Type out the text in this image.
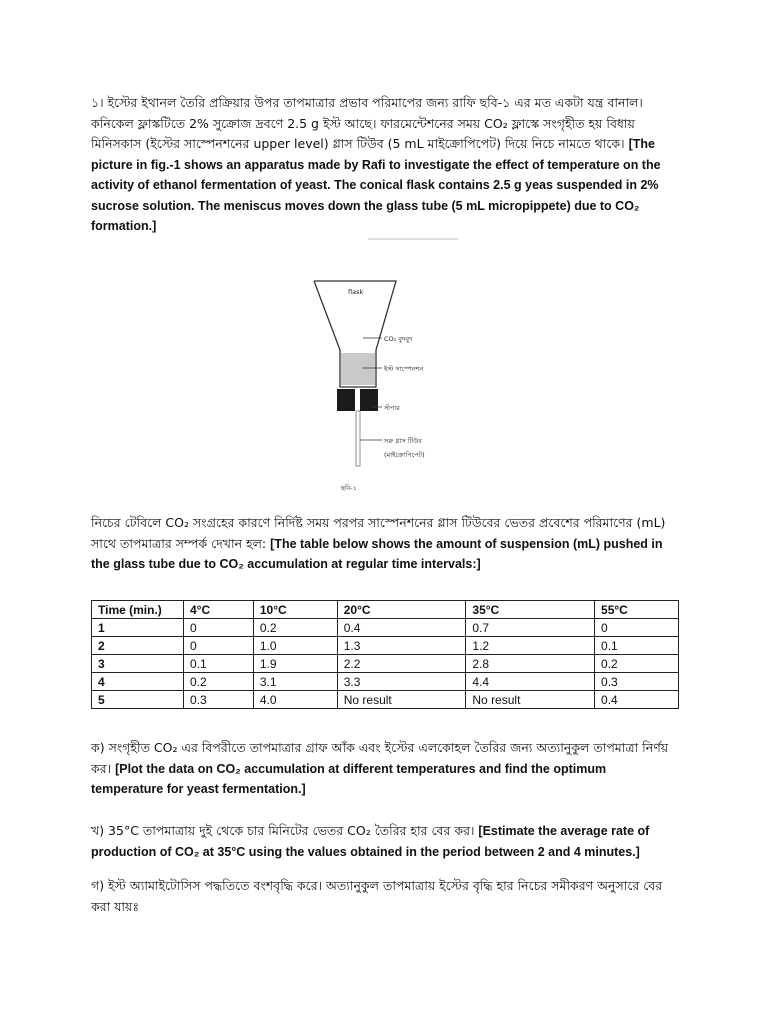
১। ইস্টের ইথানল তৈরি প্রক্রিয়ার উপর তাপমাত্রার প্রভাব পরিমাপের জন্য রাফি ছবি-১ এর মত একটা যন্ত্র বানাল। কনিকেল ফ্লাস্কটিতে 2% সুক্রোজ দ্রবণে 2.5 g ইস্ট আছে। ফারমেন্টেশনের সময় CO₂ ফ্লাস্কে সংগৃহীত হয় বিধায় মিনিসকাস (ইস্টের সাস্পেনশনের upper level) গ্লাস টিউব (5 mL মাইক্রোপিপেট) দিয়ে নিচে নামতে থাকে। [The picture in fig.-1 shows an apparatus made by Rafi to investigate the effect of temperature on the activity of ethanol fermentation of yeast. The conical flask contains 2.5 g yeas suspended in 2% sucrose solution. The meniscus moves down the glass tube (5 mL micropippete) due to CO₂ formation.]

flask
CO₂ বুদবুদ
ইস্ট সাস্পেনশন
স্টপার
সরু গ্লাস টিউব
(মাইক্রোপিপেট)
ছবি-১

নিচের টেবিলে CO₂ সংগ্রহের কারণে নির্দিষ্ট সময় পরপর সাস্পেনশনের গ্লাস টিউবের ভেতর প্রবেশের পরিমাণের (mL) সাথে তাপমাত্রার সম্পর্ক দেখান হল: [The table below shows the amount of suspension (mL) pushed in the glass tube due to CO₂ accumulation at regular time intervals:]

Time (min.)	4°C	10°C	20°C	35°C	55°C
1	0	0.2	0.4	0.7	0
2	0	1.0	1.3	1.2	0.1
3	0.1	1.9	2.2	2.8	0.2
4	0.2	3.1	3.3	4.4	0.3
5	0.3	4.0	No result	No result	0.4

ক) সংগৃহীত CO₂ এর বিপরীতে তাপমাত্রার গ্রাফ আঁক এবং ইস্টের এলকোহল তৈরির জন্য অত্যানুকুল তাপমাত্রা নির্ণয় কর। [Plot the data on CO₂ accumulation at different temperatures and find the optimum temperature for yeast fermentation.]

খ) 35°C তাপমাত্রায় দুই থেকে চার মিনিটের ভেতর CO₂ তৈরির হার বের কর। [Estimate the average rate of production of CO₂ at 35°C using the values obtained in the period between 2 and 4 minutes.]

গ) ইস্ট অ্যামাইটোসিস পদ্ধতিতে বংশবৃদ্ধি করে। অত্যানুকুল তাপমাত্রায় ইস্টের বৃদ্ধি হার নিচের সমীকরণ অনুসারে বের করা যায়ঃ
